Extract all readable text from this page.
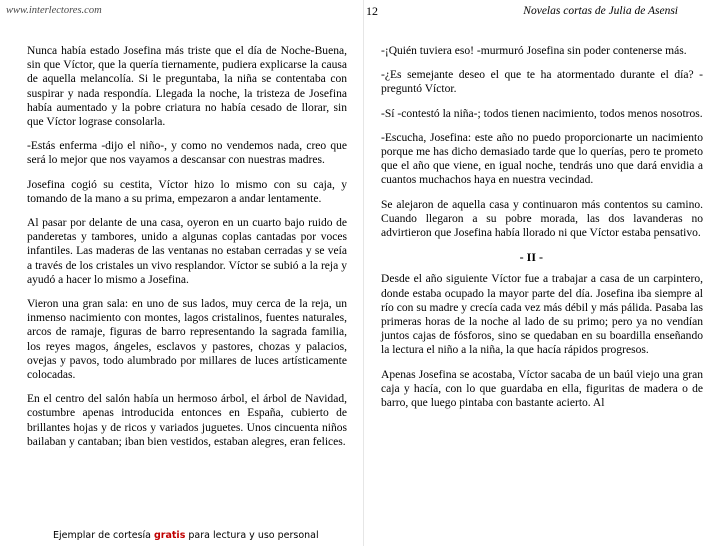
www.interlectores.com

Nunca había estado Josefina más triste que el día de Noche-Buena, sin que Víctor, que la quería tiernamente, pudiera explicarse la causa de aquella melancolía. Si le preguntaba, la niña se contentaba con suspirar y nada respondía. Llegada la noche, la tristeza de Josefina había aumentado y la pobre criatura no había cesado de llorar, sin que Víctor lograse consolarla.

-Estás enferma -dijo el niño-, y como no vendemos nada, creo que será lo mejor que nos vayamos a descansar con nuestras madres.

Josefina cogió su cestita, Víctor hizo lo mismo con su caja, y tomando de la mano a su prima, empezaron a andar lentamente.

Al pasar por delante de una casa, oyeron en un cuarto bajo ruido de panderetas y tambores, unido a algunas coplas cantadas por voces infantiles. Las maderas de las ventanas no estaban cerradas y se veía a través de los cristales un vivo resplandor. Víctor se subió a la reja y ayudó a hacer lo mismo a Josefina.

Vieron una gran sala: en uno de sus lados, muy cerca de la reja, un inmenso nacimiento con montes, lagos cristalinos, fuentes naturales, arcos de ramaje, figuras de barro representando la sagrada familia, los reyes magos, ángeles, esclavos y pastores, chozas y palacios, ovejas y pavos, todo alumbrado por millares de luces artísticamente colocadas.

En el centro del salón había un hermoso árbol, el árbol de Navidad, costumbre apenas introducida entonces en España, cubierto de brillantes hojas y de ricos y variados juguetes. Unos cincuenta niños bailaban y cantaban; iban bien vestidos, estaban alegres, eran felices.

Ejemplar de cortesía gratis para lectura y uso personal
12	Novelas cortas de Julia de Asensi

-¡Quién tuviera eso! -murmuró Josefina sin poder contenerse más.

-¿Es semejante deseo el que te ha atormentado durante el día? -preguntó Víctor.

-Sí -contestó la niña-; todos tienen nacimiento, todos menos nosotros.

-Escucha, Josefina: este año no puedo proporcionarte un nacimiento porque me has dicho demasiado tarde que lo querías, pero te prometo que el año que viene, en igual noche, tendrás uno que dará envidia a cuantos muchachos haya en nuestra vecindad.

Se alejaron de aquella casa y continuaron más contentos su camino. Cuando llegaron a su pobre morada, las dos lavanderas no advirtieron que Josefina había llorado ni que Víctor estaba pensativo.

- II -

Desde el año siguiente Víctor fue a trabajar a casa de un carpintero, donde estaba ocupado la mayor parte del día. Josefina iba siempre al río con su madre y crecía cada vez más débil y más pálida. Pasaba las primeras horas de la noche al lado de su primo; pero ya no vendían juntos cajas de fósforos, sino se quedaban en su boardilla enseñando la lectura el niño a la niña, la que hacía rápidos progresos.

Apenas Josefina se acostaba, Víctor sacaba de un baúl viejo una gran caja y hacía, con lo que guardaba en ella, figuritas de madera o de barro, que luego pintaba con bastante acierto. Al
